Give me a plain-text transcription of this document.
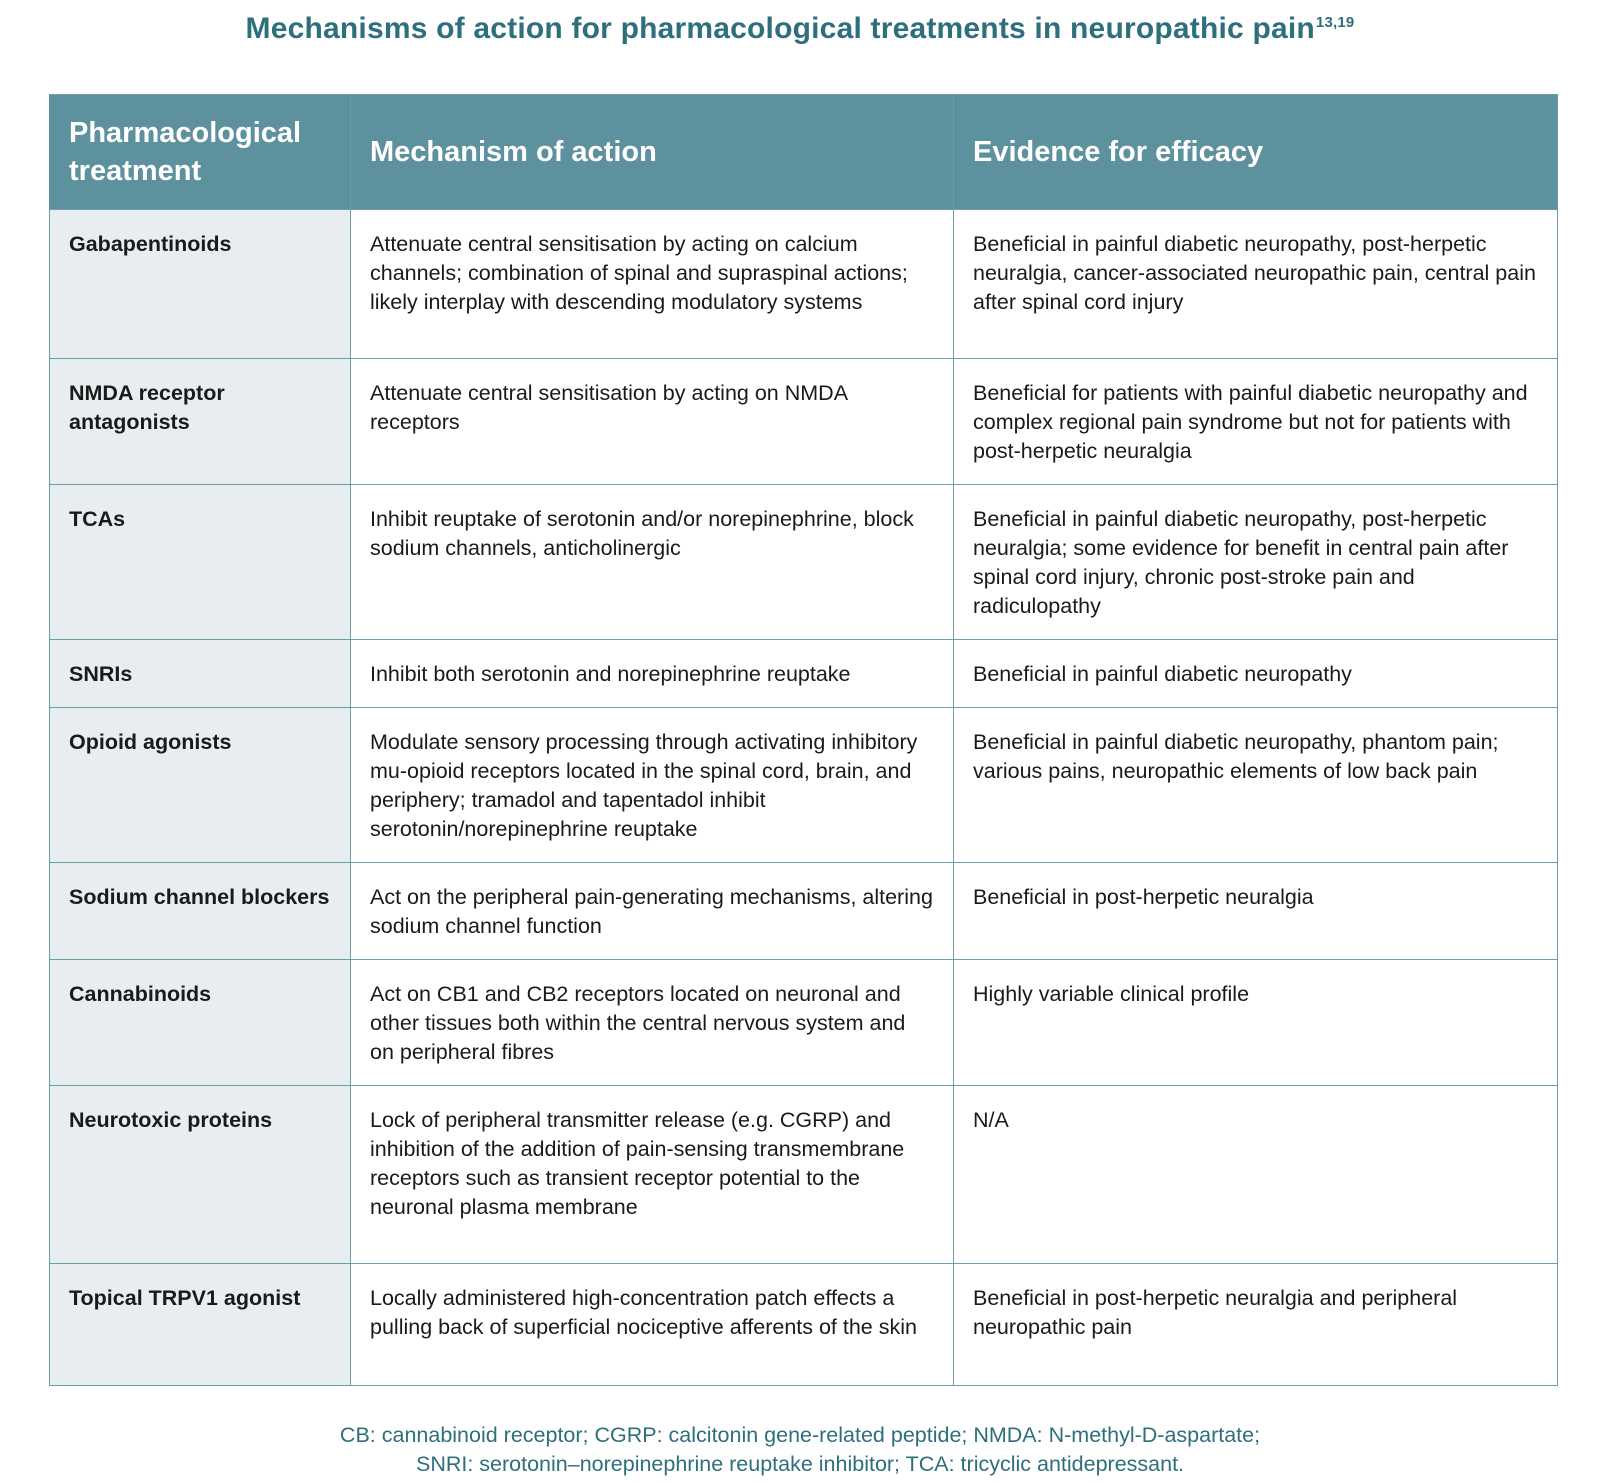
Mechanisms of action for pharmacological treatments in neuropathic pain$^{13,19}$
Pharmacological treatment	Mechanism of action	Evidence for efficacy
Gabapentinoids	Attenuate central sensitisation by acting on calcium channels; combination of spinal and supraspinal actions; likely interplay with descending modulatory systems	Beneficial in painful diabetic neuropathy, post-herpetic neuralgia, cancer-associated neuropathic pain, central pain after spinal cord injury
NMDA receptor antagonists	Attenuate central sensitisation by acting on NMDA receptors	Beneficial for patients with painful diabetic neuropathy and complex regional pain syndrome but not for patients with post-herpetic neuralgia
TCAs	Inhibit reuptake of serotonin and/or norepinephrine, block sodium channels, anticholinergic	Beneficial in painful diabetic neuropathy, post-herpetic neuralgia; some evidence for benefit in central pain after spinal cord injury, chronic post-stroke pain and radiculopathy
SNRIs	Inhibit both serotonin and norepinephrine reuptake	Beneficial in painful diabetic neuropathy
Opioid agonists	Modulate sensory processing through activating inhibitory mu-opioid receptors located in the spinal cord, brain, and periphery; tramadol and tapentadol inhibit serotonin/norepinephrine reuptake	Beneficial in painful diabetic neuropathy, phantom pain; various pains, neuropathic elements of low back pain
Sodium channel blockers	Act on the peripheral pain-generating mechanisms, altering sodium channel function	Beneficial in post-herpetic neuralgia
Cannabinoids	Act on CB1 and CB2 receptors located on neuronal and other tissues both within the central nervous system and on peripheral fibres	Highly variable clinical profile
Neurotoxic proteins	Lock of peripheral transmitter release (e.g. CGRP) and inhibition of the addition of pain-sensing transmembrane receptors such as transient receptor potential to the neuronal plasma membrane	N/A
Topical TRPV1 agonist	Locally administered high-concentration patch effects a pulling back of superficial nociceptive afferents of the skin	Beneficial in post-herpetic neuralgia and peripheral neuropathic pain
CB: cannabinoid receptor; CGRP: calcitonin gene-related peptide; NMDA: N-methyl-D-aspartate;
SNRI: serotonin–norepinephrine reuptake inhibitor; TCA: tricyclic antidepressant.
